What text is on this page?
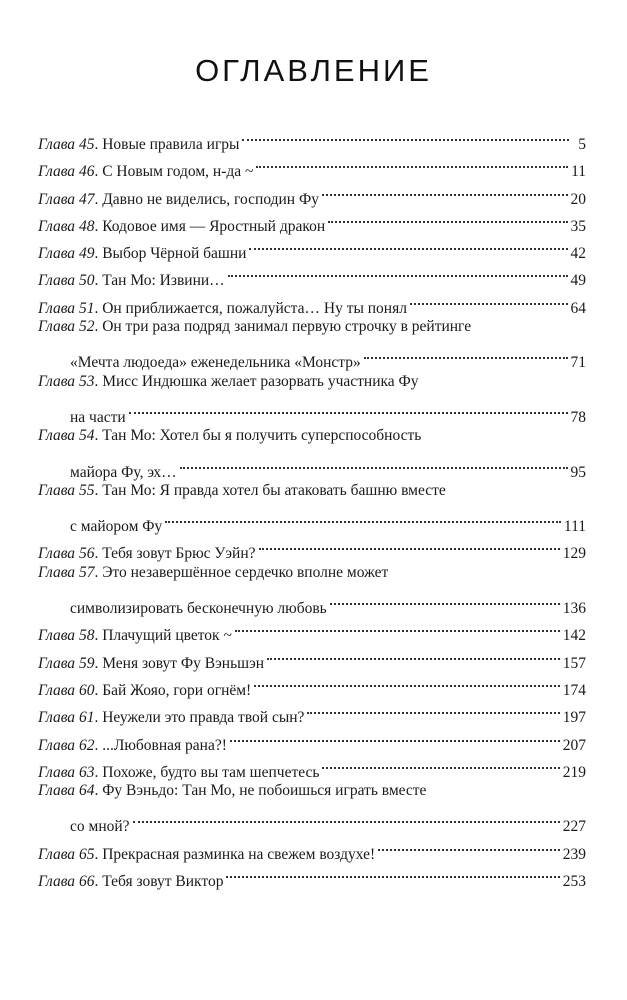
ОГЛАВЛЕНИЕ
Глава 45 . Новые правила игры	5
Глава 46 . С Новым годом, н-да ~	11
Глава 47 . Давно не виделись, господин Фу	20
Глава 48 . Кодовое имя — Яростный дракон	35
Глава 49 . Выбор Чёрной башни	42
Глава 50 . Тан Мо: Извини…	49
Глава 51 . Он приближается, пожалуйста… Ну ты понял	64
Глава 52 . Он три раза подряд занимал первую строчку в рейтинге
«Мечта людоеда» еженедельника «Монстр»	71
Глава 53 . Мисс Индюшка желает разорвать участника Фу
на части	78
Глава 54 . Тан Мо: Хотел бы я получить суперспособность
майора Фу, эх…	95
Глава 55 . Тан Мо: Я правда хотел бы атаковать башню вместе
с майором Фу	111
Глава 56 . Тебя зовут Брюс Уэйн?	129
Глава 57 . Это незавершённое сердечко вполне может
символизировать бесконечную любовь	136
Глава 58 . Плачущий цветок ~	142
Глава 59 . Меня зовут Фу Вэньшэн	157
Глава 60 . Бай Жояо, гори огнём!	174
Глава 61 . Неужели это правда твой сын?	197
Глава 62 . ...Любовная рана?!	207
Глава 63 . Похоже, будто вы там шепчетесь	219
Глава 64 . Фу Вэньдо: Тан Мо, не побоишься играть вместе
со мной?	227
Глава 65 . Прекрасная разминка на свежем воздухе!	239
Глава 66 . Тебя зовут Виктор	253
